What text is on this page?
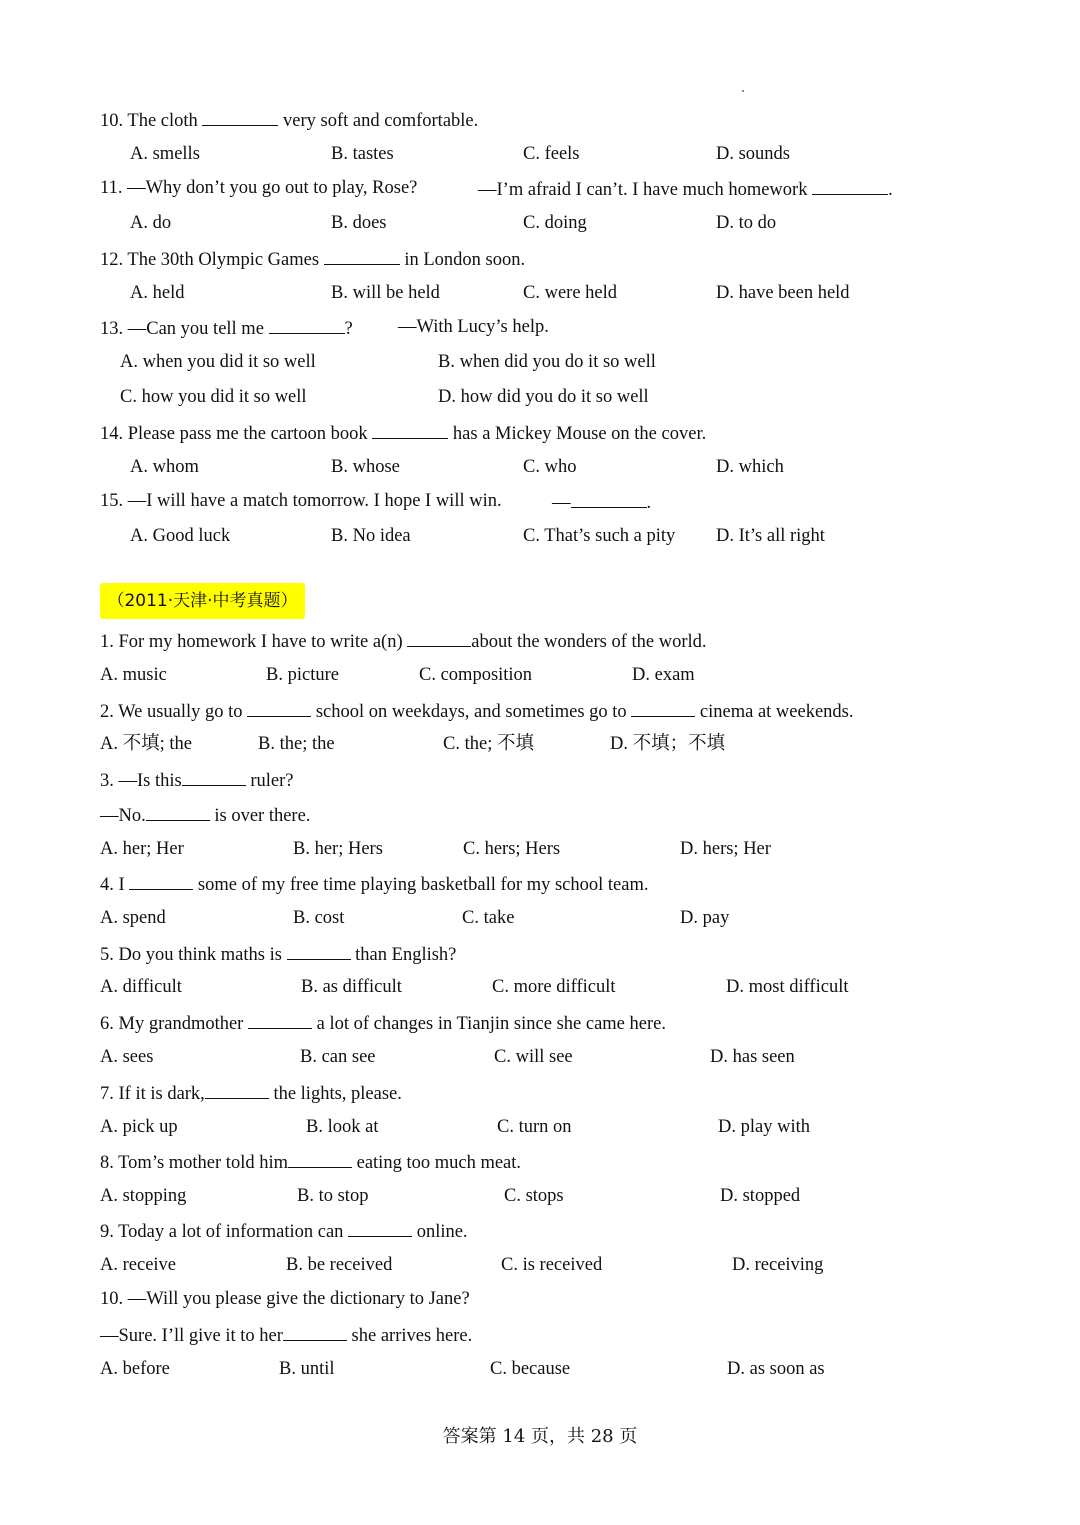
10. The cloth	very soft and comfortable.
A. smells	B. tastes	C. feels	D. sounds
11. —Why don’t you go out to play, Rose?	—I’m afraid I can’t. I have much homework	.
A. do	B. does	C. doing	D. to do
12. The 30th Olympic Games	in London soon.
A. held	B. will be held	C. were held	D. have been held
13. —Can you tell me	? —With Lucy’s help.
A. when you did it so well	B. when did you do it so well
C. how you did it so well	D. how did you do it so well
14. Please pass me the cartoon book	has a Mickey Mouse on the cover.
A. whom	B. whose	C. who	D. which
15. —I will have a match tomorrow. I hope I will win.	—	.
A. Good luck	B. No idea	C. That’s such a pity D. It’s all right
（2011·天津·中考真题）
1. For my homework I have to write a(n)	about the wonders of the world.
A. music	B. picture	C. composition	D. exam
2. We usually go to	school on weekdays, and sometimes go to	cinema at weekends.
A. 不填; the	B. the; the	C. the; 不填	D. 不填；不填
3. —Is this	ruler?
—No.	is over there.
A. her; Her	B. her; Hers	C. hers; Hers	D. hers; Her
4. I	some of my free time playing basketball for my school team.
A. spend	B. cost	C. take	D. pay
5. Do you think maths is	than English?
A. difficult	B. as difficult	C. more difficult	D. most difficult
6. My grandmother	a lot of changes in Tianjin since she came here.
A. sees	B. can see	C. will see	D. has seen
7. If it is dark,	the lights, please.
A. pick up	B. look at	C. turn on	D. play with
8. Tom’s mother told him	eating too much meat.
A. stopping	B. to stop	C. stops	D. stopped
9. Today a lot of information can	online.
A. receive	B. be received	C. is received	D. receiving
10. —Will you please give the dictionary to Jane?
—Sure. I’ll give it to her	she arrives here.
A. before	B. until	C. because	D. as soon as
答案第 14 页，共 28 页
